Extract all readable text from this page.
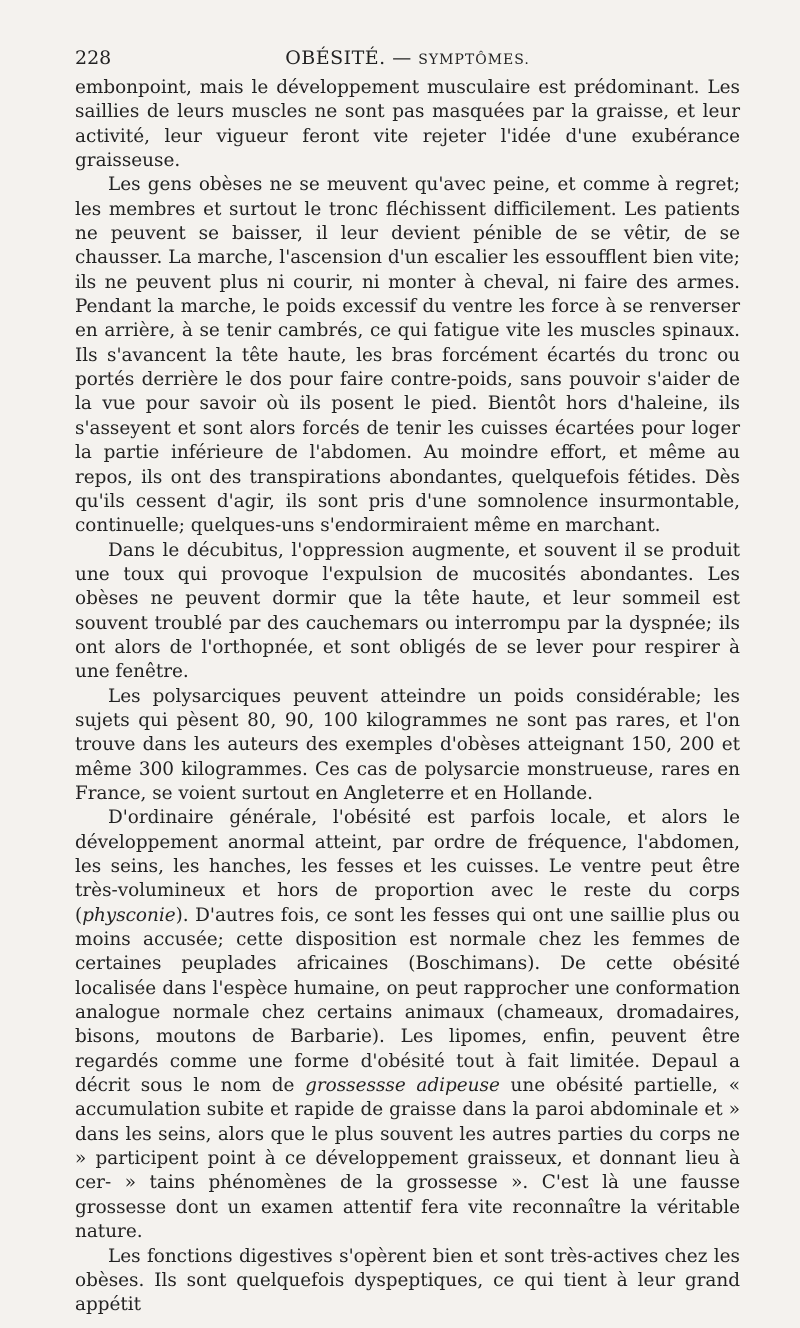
228	OBÉSITÉ. — SYMPTÔMES.

embonpoint, mais le développement musculaire est prédominant. Les saillies de leurs muscles ne sont pas masquées par la graisse, et leur activité, leur vigueur feront vite rejeter l'idée d'une exubérance graisseuse.

Les gens obèses ne se meuvent qu'avec peine, et comme à regret; les membres et surtout le tronc fléchissent difficilement. Les patients ne peuvent se baisser, il leur devient pénible de se vêtir, de se chausser. La marche, l'ascension d'un escalier les essoufflent bien vite; ils ne peuvent plus ni courir, ni monter à cheval, ni faire des armes. Pendant la marche, le poids excessif du ventre les force à se renverser en arrière, à se tenir cambrés, ce qui fatigue vite les muscles spinaux. Ils s'avancent la tête haute, les bras forcément écartés du tronc ou portés derrière le dos pour faire contre-poids, sans pouvoir s'aider de la vue pour savoir où ils posent le pied. Bientôt hors d'haleine, ils s'asseyent et sont alors forcés de tenir les cuisses écartées pour loger la partie inférieure de l'abdomen. Au moindre effort, et même au repos, ils ont des transpirations abondantes, quelquefois fétides. Dès qu'ils cessent d'agir, ils sont pris d'une somnolence insurmontable, continuelle; quelques-uns s'endormiraient même en marchant.

Dans le décubitus, l'oppression augmente, et souvent il se produit une toux qui provoque l'expulsion de mucosités abondantes. Les obèses ne peuvent dormir que la tête haute, et leur sommeil est souvent troublé par des cauchemars ou interrompu par la dyspnée; ils ont alors de l'orthopnée, et sont obligés de se lever pour respirer à une fenêtre.

Les polysarciques peuvent atteindre un poids considérable; les sujets qui pèsent 80, 90, 100 kilogrammes ne sont pas rares, et l'on trouve dans les auteurs des exemples d'obèses atteignant 150, 200 et même 300 kilogrammes. Ces cas de polysarcie monstrueuse, rares en France, se voient surtout en Angleterre et en Hollande.

D'ordinaire générale, l'obésité est parfois locale, et alors le développement anormal atteint, par ordre de fréquence, l'abdomen, les seins, les hanches, les fesses et les cuisses. Le ventre peut être très-volumineux et hors de proportion avec le reste du corps (physconie). D'autres fois, ce sont les fesses qui ont une saillie plus ou moins accusée; cette disposition est normale chez les femmes de certaines peuplades africaines (Boschimans). De cette obésité localisée dans l'espèce humaine, on peut rapprocher une conformation analogue normale chez certains animaux (chameaux, dromadaires, bisons, moutons de Barbarie). Les lipomes, enfin, peuvent être regardés comme une forme d'obésité tout à fait limitée. Depaul a décrit sous le nom de grossessse adipeuse une obésité partielle, « accumulation subite et rapide de graisse dans la paroi abdominale et » dans les seins, alors que le plus souvent les autres parties du corps ne » participent point à ce développement graisseux, et donnant lieu à cer- » tains phénomènes de la grossesse ». C'est là une fausse grossesse dont un examen attentif fera vite reconnaître la véritable nature.

Les fonctions digestives s'opèrent bien et sont très-actives chez les obèses. Ils sont quelquefois dyspeptiques, ce qui tient à leur grand appétit
